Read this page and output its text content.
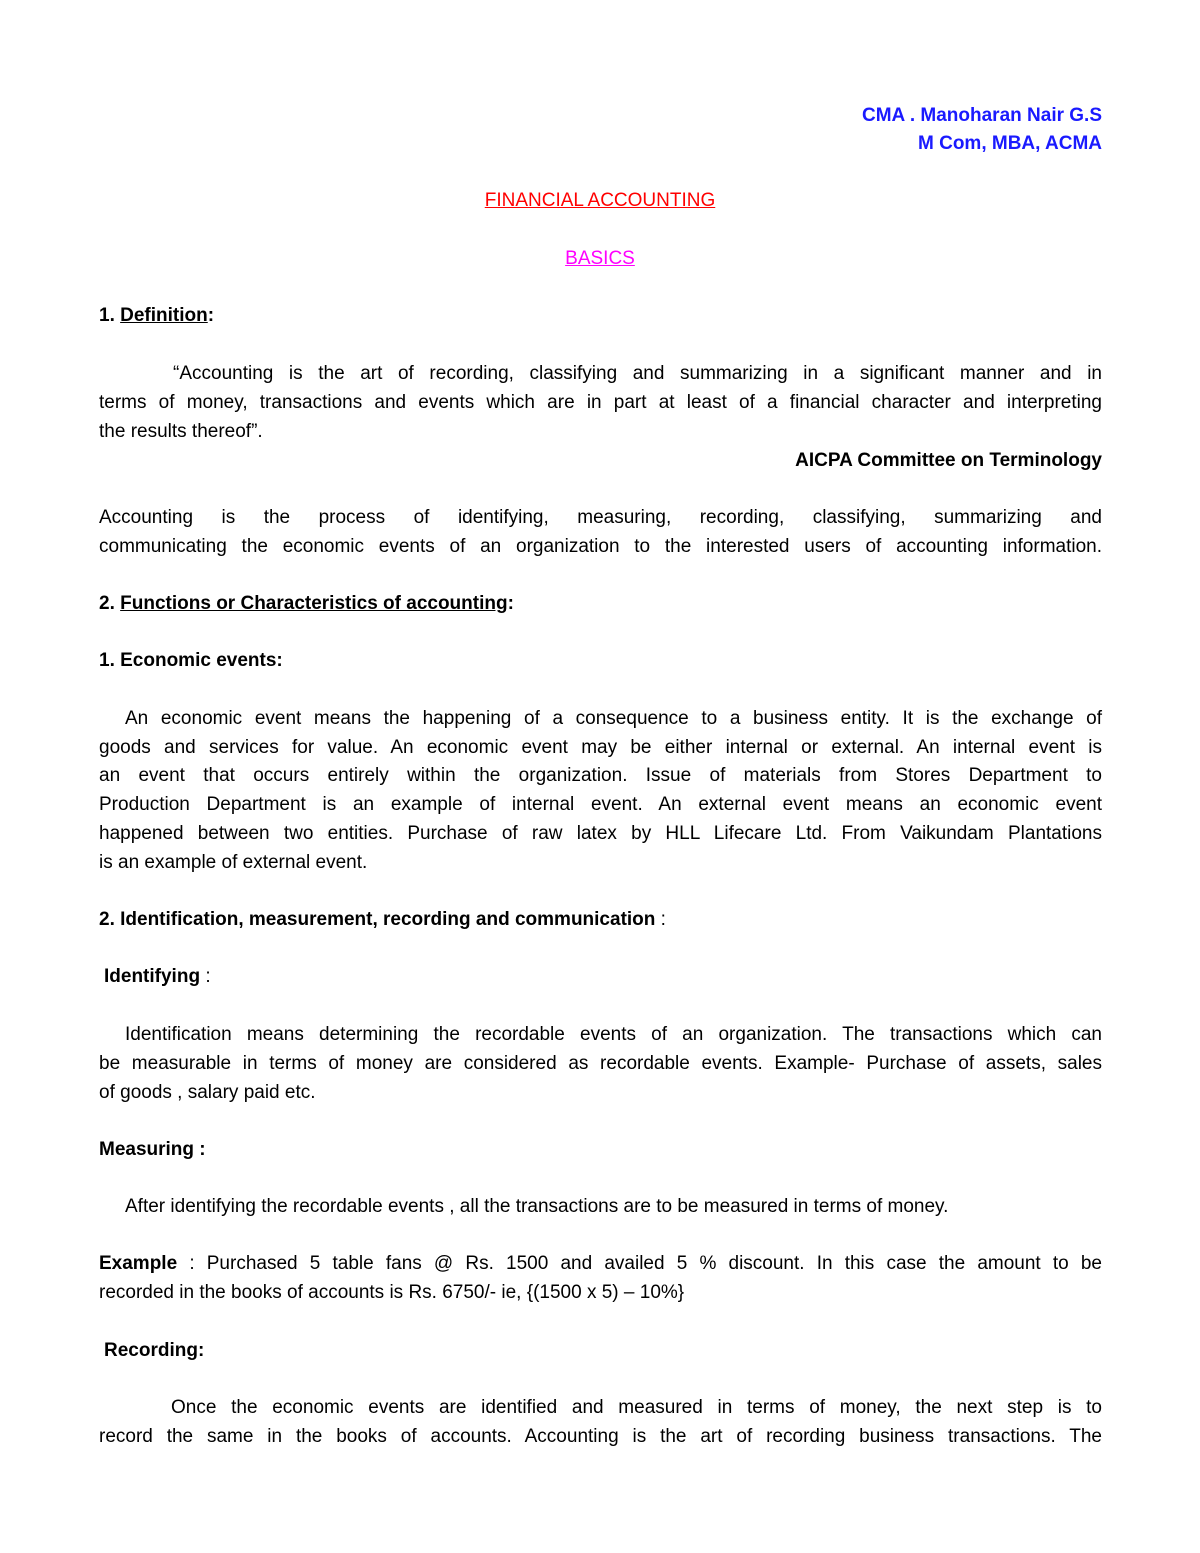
CMA . Manoharan Nair G.S
M Com, MBA, ACMA
FINANCIAL ACCOUNTING
BASICS
1. Definition:
“Accounting is the art of recording, classifying and summarizing in a significant manner and in
terms of money, transactions and events which are in part at least of a financial character and interpreting
the results thereof”.
AICPA Committee on Terminology
Accounting is the process of identifying, measuring, recording, classifying, summarizing and
communicating the economic events of an organization to the interested users of accounting information.
2. Functions or Characteristics of accounting:
1. Economic events:
An economic event means the happening of a consequence to a business entity. It is the exchange of
goods and services for value. An economic event may be either internal or external. An internal event is
an event that occurs entirely within the organization. Issue of materials from Stores Department to
Production Department is an example of internal event. An external event means an economic event
happened between two entities. Purchase of raw latex by HLL Lifecare Ltd. From Vaikundam Plantations
is an example of external event.
2. Identification, measurement, recording and communication :
Identifying :
Identification means determining the recordable events of an organization. The transactions which can
be measurable in terms of money are considered as recordable events. Example- Purchase of assets, sales
of goods , salary paid etc.
Measuring :
After identifying the recordable events , all the transactions are to be measured in terms of money.
Example : Purchased 5 table fans @ Rs. 1500 and availed 5 % discount. In this case the amount to be
recorded in the books of accounts is Rs. 6750/- ie, {(1500 x 5) – 10%}
Recording:
Once the economic events are identified and measured in terms of money, the next step is to
record the same in the books of accounts. Accounting is the art of recording business transactions. The
